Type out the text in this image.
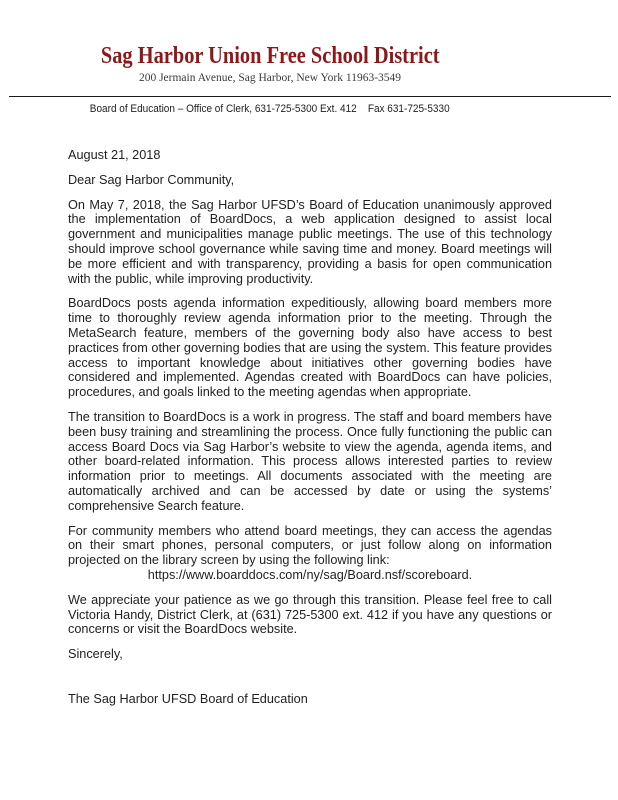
Sag Harbor Union Free School District
200 Jermain Avenue, Sag Harbor, New York 11963-3549
Board of Education – Office of Clerk, 631-725-5300 Ext. 412    Fax 631-725-5330
August 21, 2018
Dear Sag Harbor Community,

On May 7, 2018, the Sag Harbor UFSD’s Board of Education unanimously approved the implementation of BoardDocs, a web application designed to assist local government and municipalities manage public meetings. The use of this technology should improve school governance while saving time and money. Board meetings will be more efficient and with transparency, providing a basis for open communication with the public, while improving productivity.

BoardDocs posts agenda information expeditiously, allowing board members more time to thoroughly review agenda information prior to the meeting. Through the MetaSearch feature, members of the governing body also have access to best practices from other governing bodies that are using the system. This feature provides access to important knowledge about initiatives other governing bodies have considered and implemented. Agendas created with BoardDocs can have policies, procedures, and goals linked to the meeting agendas when appropriate.

The transition to BoardDocs is a work in progress. The staff and board members have been busy training and streamlining the process. Once fully functioning the public can access Board Docs via Sag Harbor’s website to view the agenda, agenda items, and other board-related information. This process allows interested parties to review information prior to meetings. All documents associated with the meeting are automatically archived and can be accessed by date or using the systems’ comprehensive Search feature.

For community members who attend board meetings, they can access the agendas on their smart phones, personal computers, or just follow along on information projected on the library screen by using the following link:

https://www.boarddocs.com/ny/sag/Board.nsf/scoreboard.

We appreciate your patience as we go through this transition. Please feel free to call Victoria Handy, District Clerk, at (631) 725-5300 ext. 412 if you have any questions or concerns or visit the BoardDocs website.

Sincerely,
The Sag Harbor UFSD Board of Education
